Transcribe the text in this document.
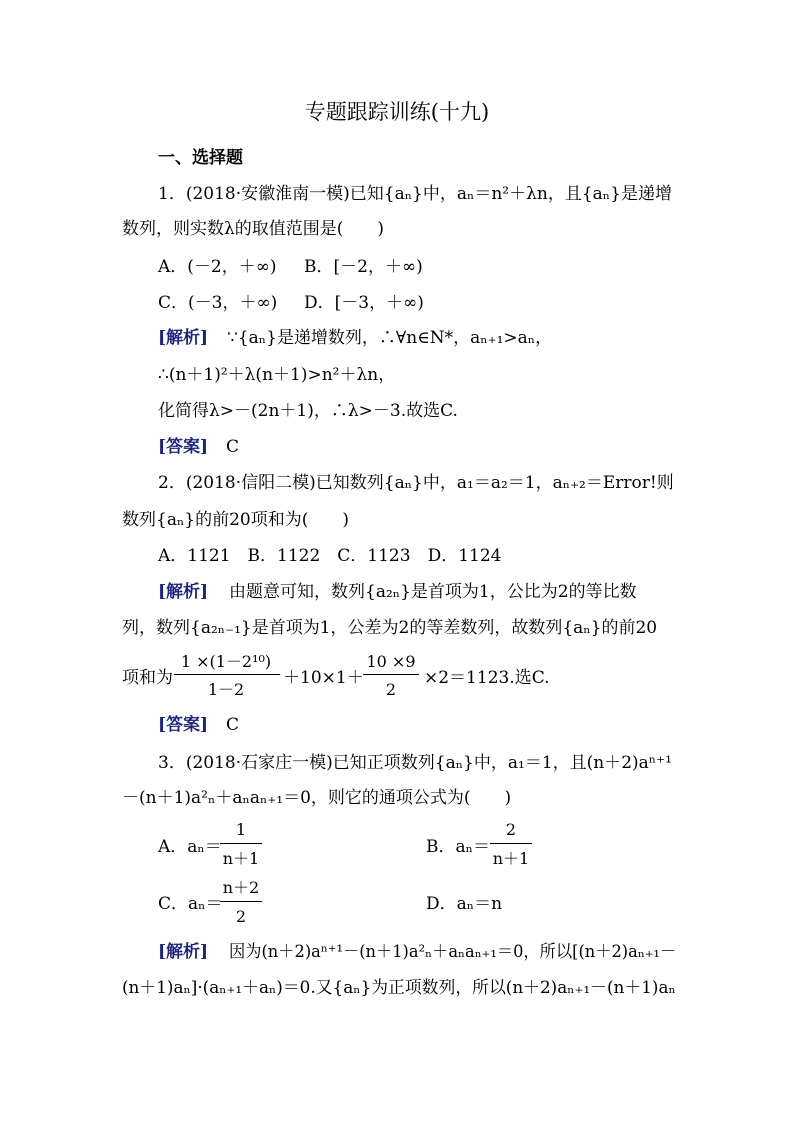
专题跟踪训练(十九)
一、选择题
1．(2018·安徽淮南一模)已知{aₙ}中，aₙ＝n²＋λn，且{aₙ}是递增
数列，则实数λ的取值范围是(　　)
A．(－2，＋∞) B．[－2，＋∞)
C．(－3，＋∞) D．[－3，＋∞)
[解析] ∵{aₙ}是递增数列，∴∀n∈N*，aₙ₊₁>aₙ，
∴(n＋1)²＋λ(n＋1)>n²＋λn，
化简得λ>－(2n＋1)，∴λ>－3.故选C.
[答案] C
2．(2018·信阳二模)已知数列{aₙ}中，a₁＝a₂＝1，aₙ₊₂＝Error!则
数列{aₙ}的前20项和为(　　)
A．1121　B．1122　C．1123　D．1124
[解析] 由题意可知，数列{a₂ₙ}是首项为1，公比为2的等比数
列，数列{a₂ₙ₋₁}是首项为1，公差为2的等差数列，故数列{aₙ}的前20
项和为
1 ×(1－2¹⁰)
1－2
＋10×1＋
10 ×9
2
×2＝1123.选C.
[答案] C
3．(2018·石家庄一模)已知正项数列{aₙ}中，a₁＝1，且(n＋2)aⁿ⁺¹
－(n＋1)a²ₙ＋aₙaₙ₊₁＝0，则它的通项公式为(　　)
A．aₙ＝
1
n＋1
B．aₙ＝
2
n＋1
C．aₙ＝
n＋2
2
D．aₙ＝n
[解析] 因为(n＋2)aⁿ⁺¹－(n＋1)a²ₙ＋aₙaₙ₊₁＝0，所以[(n＋2)aₙ₊₁－
(n＋1)aₙ]·(aₙ₊₁＋aₙ)＝0.又{aₙ}为正项数列，所以(n＋2)aₙ₊₁－(n＋1)aₙ
